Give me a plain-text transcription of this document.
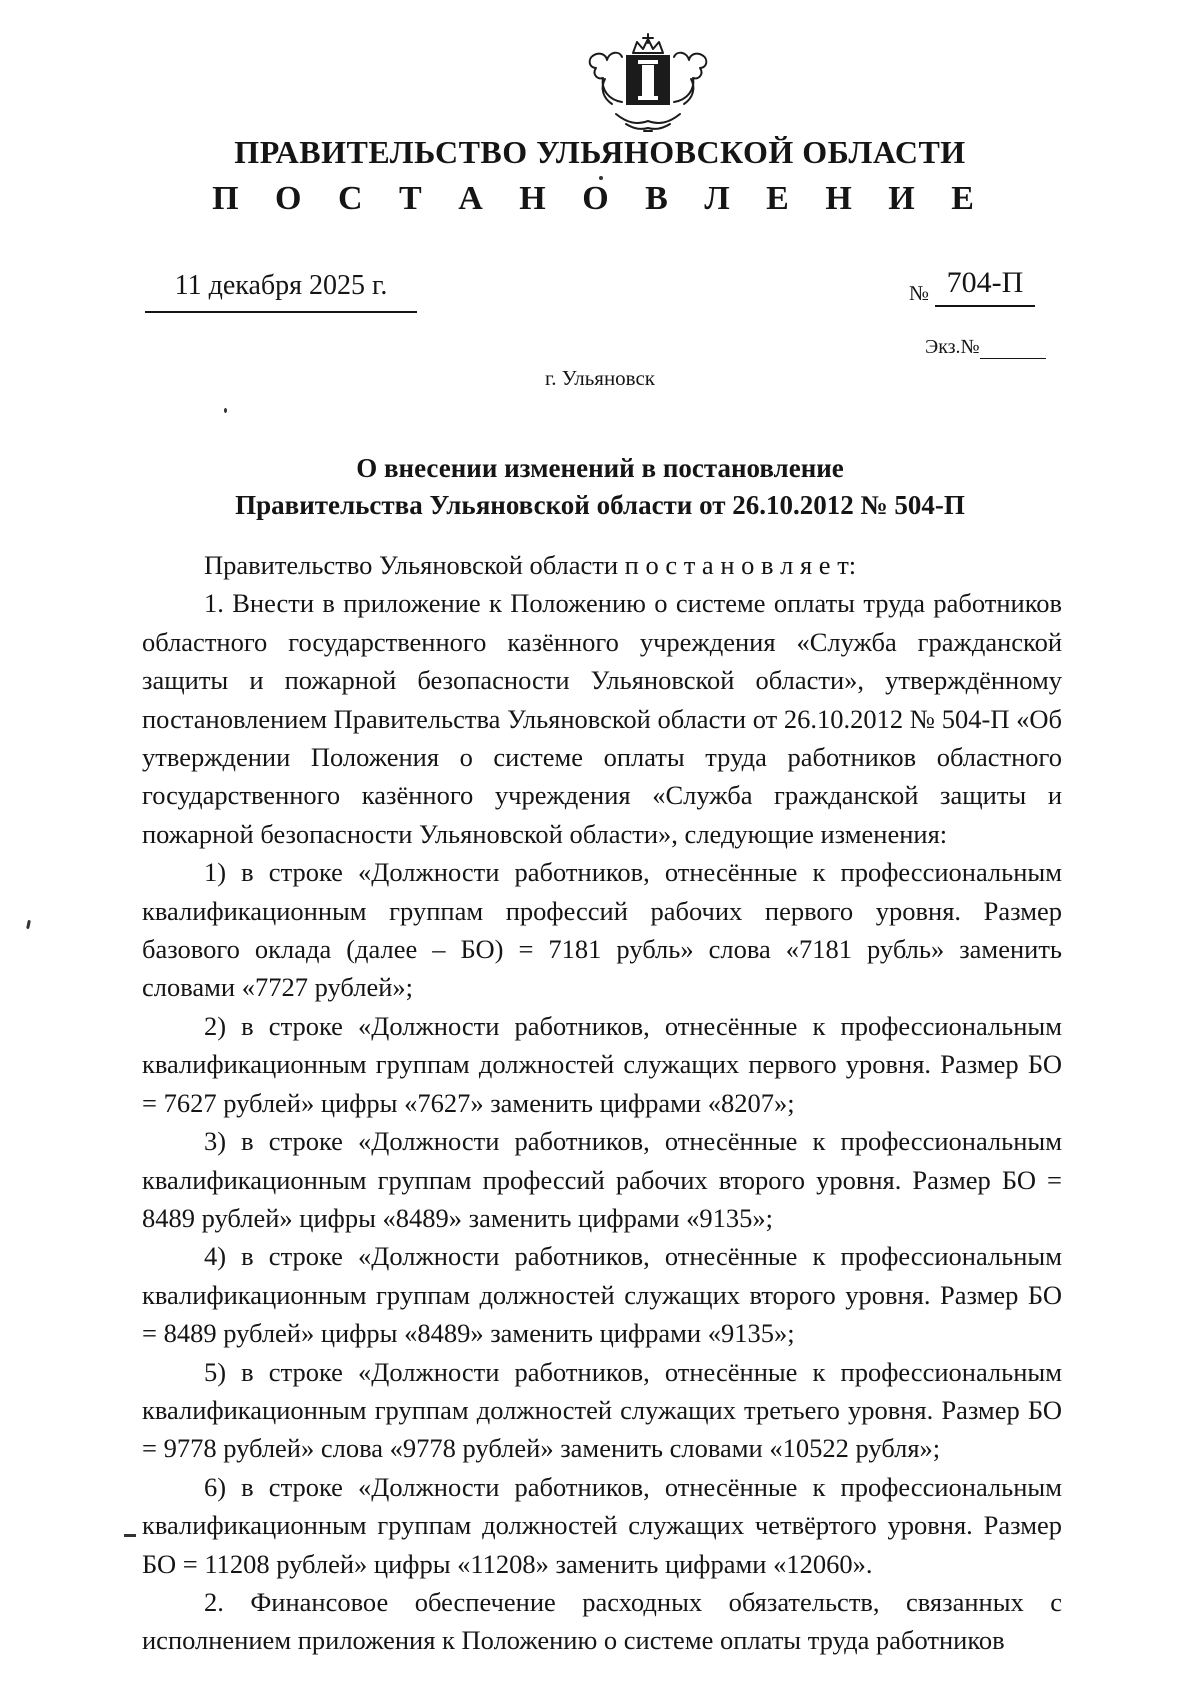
ПРАВИТЕЛЬСТВО УЛЬЯНОВСКОЙ ОБЛАСТИ
П О С Т А Н О В Л Е Н И Е
11 декабря 2025 г.	№ 704-П
Экз.№
г. Ульяновск
О внесении изменений в постановление
Правительства Ульяновской области от 26.10.2012 № 504-П

Правительство Ульяновской области п о с т а н о в л я е т:

1. Внести в приложение к Положению о системе оплаты труда работников областного государственного казённого учреждения «Служба гражданской защиты и пожарной безопасности Ульяновской области», утверждённому постановлением Правительства Ульяновской области от 26.10.2012 № 504-П «Об утверждении Положения о системе оплаты труда работников областного государственного казённого учреждения «Служба гражданской защиты и пожарной безопасности Ульяновской области», следующие изменения:

1) в строке «Должности работников, отнесённые к профессиональным квалификационным группам профессий рабочих первого уровня. Размер базового оклада (далее – БО) = 7181 рубль» слова «7181 рубль» заменить словами «7727 рублей»;

2) в строке «Должности работников, отнесённые к профессиональным квалификационным группам должностей служащих первого уровня. Размер БО = 7627 рублей» цифры «7627» заменить цифрами «8207»;

3) в строке «Должности работников, отнесённые к профессиональным квалификационным группам профессий рабочих второго уровня. Размер БО = 8489 рублей» цифры «8489» заменить цифрами «9135»;

4) в строке «Должности работников, отнесённые к профессиональным квалификационным группам должностей служащих второго уровня. Размер БО = 8489 рублей» цифры «8489» заменить цифрами «9135»;

5) в строке «Должности работников, отнесённые к профессиональным квалификационным группам должностей служащих третьего уровня. Размер БО = 9778 рублей» слова «9778 рублей» заменить словами «10522 рубля»;

6) в строке «Должности работников, отнесённые к профессиональным квалификационным группам должностей служащих четвёртого уровня. Размер БО = 11208 рублей» цифры «11208» заменить цифрами «12060».

2. Финансовое обеспечение расходных обязательств, связанных с исполнением приложения к Положению о системе оплаты труда работников
